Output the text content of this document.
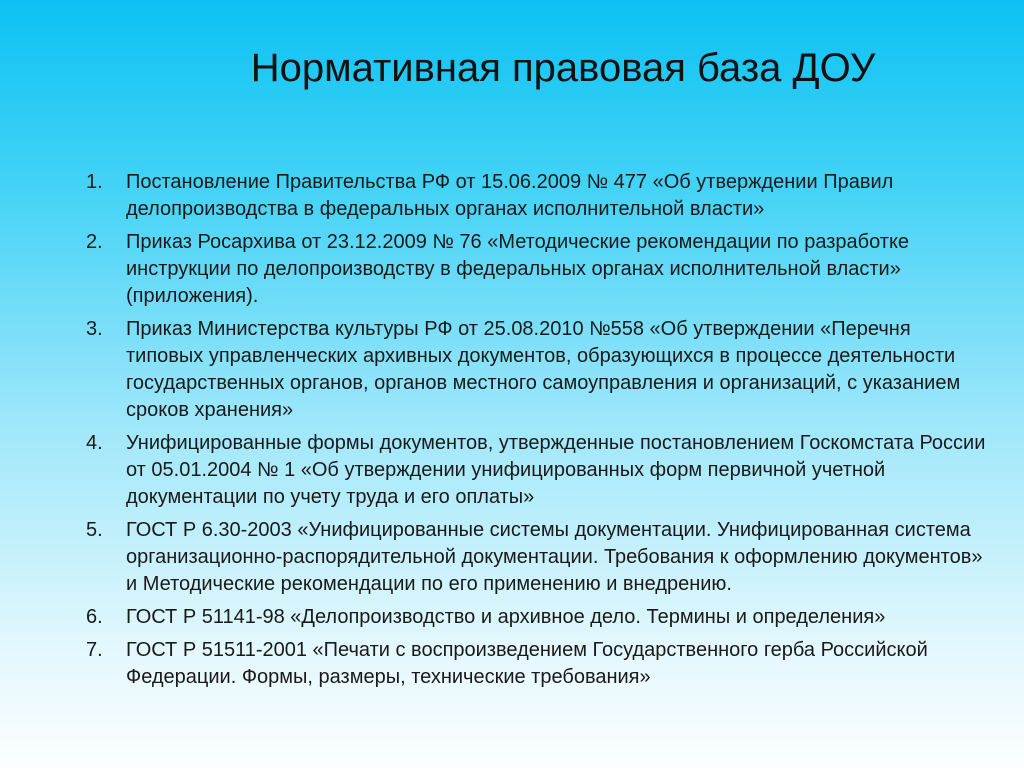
Нормативная правовая база ДОУ
1.	Постановление Правительства РФ от 15.06.2009 № 477 «Об утверждении Правил делопроизводства в федеральных органах исполнительной власти»
2.	Приказ Росархива от 23.12.2009 № 76 «Методические рекомендации по разработке инструкции по делопроизводству в федеральных органах исполнительной власти» (приложения).
3.	Приказ Министерства культуры РФ от 25.08.2010 №558 «Об утверждении «Перечня типовых управленческих архивных документов, образующихся в процессе деятельности государственных органов, органов местного самоуправления и организаций, с указанием сроков хранения»
4.	Унифицированные формы документов, утвержденные постановлением Госкомстата России от 05.01.2004 № 1 «Об утверждении унифицированных форм первичной учетной документации по учету труда и его оплаты»
5.	ГОСТ Р 6.30-2003 «Унифицированные системы документации. Унифицированная система организационно-распорядительной документации. Требования к оформлению документов» и Методические рекомендации по его применению и внедрению.
6.	ГОСТ Р 51141-98 «Делопроизводство и архивное дело. Термины и определения»
7.	ГОСТ Р 51511-2001 «Печати с воспроизведением Государственного герба Российской Федерации. Формы, размеры, технические требования»
